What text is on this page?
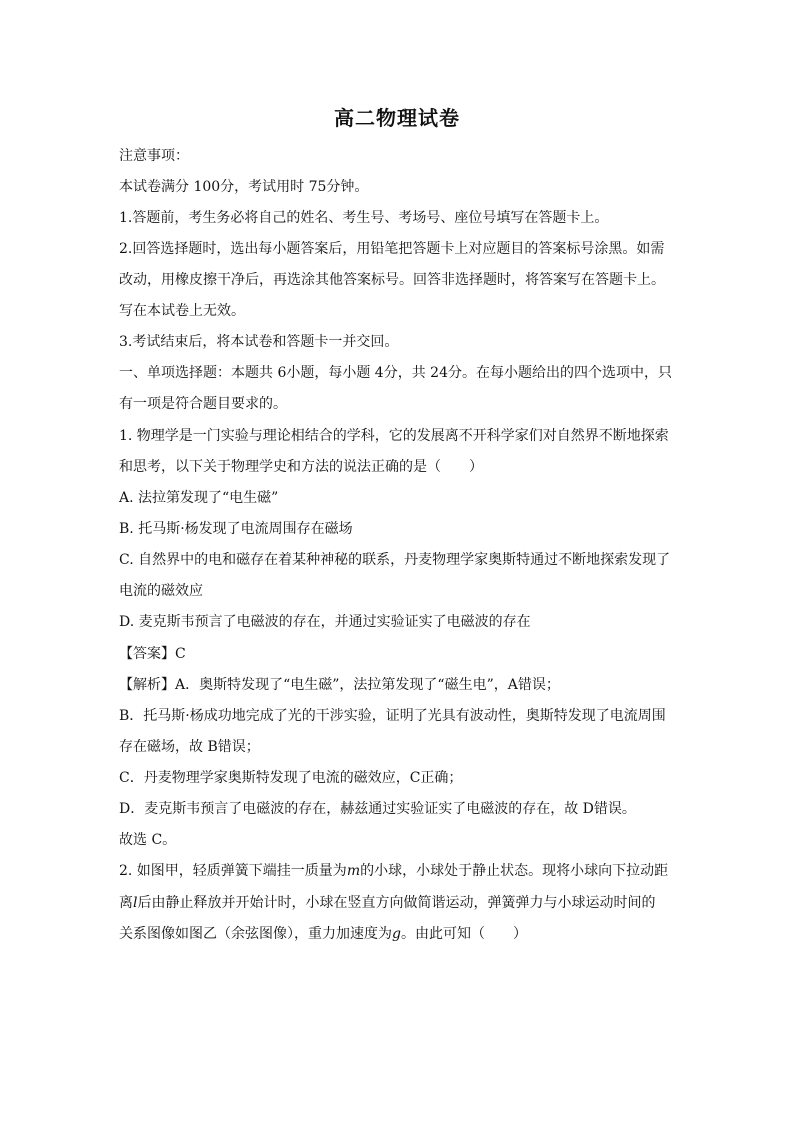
高二物理试卷
注意事项：
本试卷满分 100分，考试用时 75分钟。
1.答题前，考生务必将自己的姓名、考生号、考场号、座位号填写在答题卡上。
2.回答选择题时，选出每小题答案后，用铅笔把答题卡上对应题目的答案标号涂黑。如需
改动，用橡皮擦干净后，再选涂其他答案标号。回答非选择题时，将答案写在答题卡上。
写在本试卷上无效。
3.考试结束后，将本试卷和答题卡一并交回。
一、单项选择题：本题共 6小题，每小题 4分，共 24分。在每小题给出的四个选项中，只
有一项是符合题目要求的。
1. 物理学是一门实验与理论相结合的学科，它的发展离不开科学家们对自然界不断地探索
和思考，以下关于物理学史和方法的说法正确的是（　　）
A. 法拉第发现了“电生磁”
B. 托马斯·杨发现了电流周围存在磁场
C. 自然界中的电和磁存在着某种神秘的联系，丹麦物理学家奥斯特通过不断地探索发现了
电流的磁效应
D. 麦克斯韦预言了电磁波的存在，并通过实验证实了电磁波的存在
【答案】C
【解析】A．奥斯特发现了“电生磁”，法拉第发现了“磁生电”，A错误；
B．托马斯·杨成功地完成了光的干涉实验，证明了光具有波动性，奥斯特发现了电流周围
存在磁场，故 B错误；
C．丹麦物理学家奥斯特发现了电流的磁效应，C正确；
D．麦克斯韦预言了电磁波的存在，赫兹通过实验证实了电磁波的存在，故 D错误。
故选 C。
2. 如图甲，轻质弹簧下端挂一质量为m的小球，小球处于静止状态。现将小球向下拉动距
离l后由静止释放并开始计时，小球在竖直方向做简谐运动，弹簧弹力与小球运动时间的
关系图像如图乙（余弦图像），重力加速度为g。由此可知（　　）
